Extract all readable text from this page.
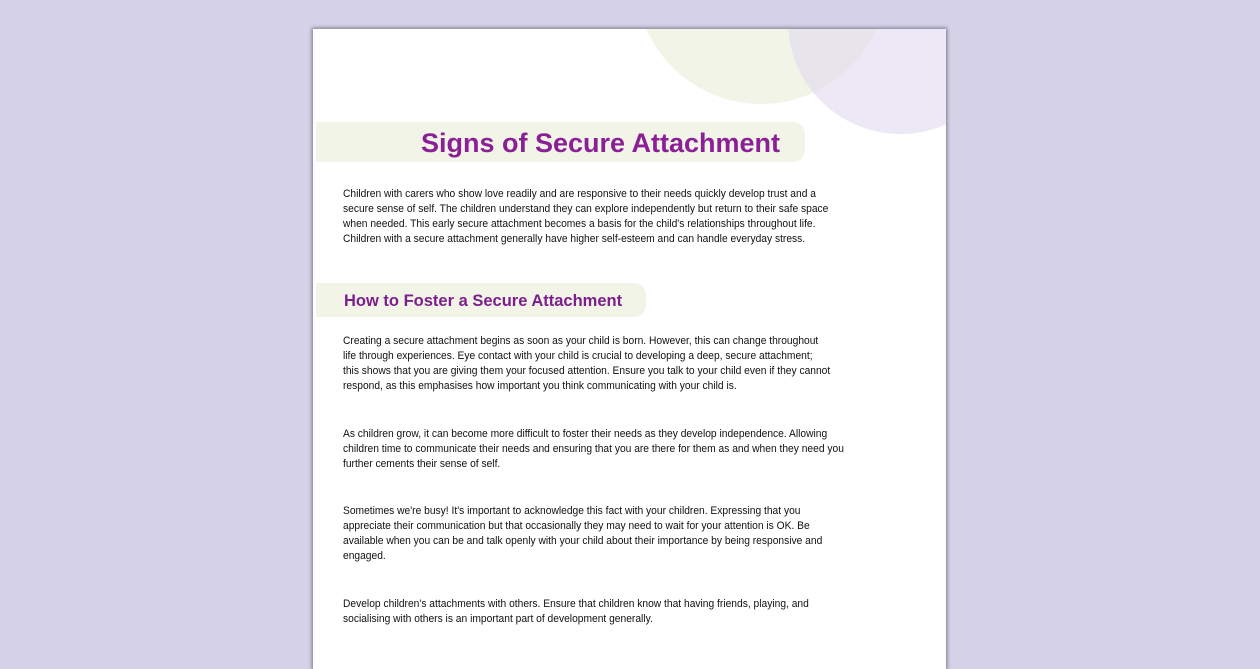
Signs of Secure Attachment
Children with carers who show love readily and are responsive to their needs quickly develop trust and a
secure sense of self. The children understand they can explore independently but return to their safe space
when needed. This early secure attachment becomes a basis for the child's relationships throughout life.
Children with a secure attachment generally have higher self-esteem and can handle everyday stress.
How to Foster a Secure Attachment
Creating a secure attachment begins as soon as your child is born. However, this can change throughout
life through experiences. Eye contact with your child is crucial to developing a deep, secure attachment;
this shows that you are giving them your focused attention. Ensure you talk to your child even if they cannot
respond, as this emphasises how important you think communicating with your child is.
As children grow, it can become more difficult to foster their needs as they develop independence. Allowing
children time to communicate their needs and ensuring that you are there for them as and when they need you
further cements their sense of self.
Sometimes we're busy! It's important to acknowledge this fact with your children. Expressing that you
appreciate their communication but that occasionally they may need to wait for your attention is OK. Be
available when you can be and talk openly with your child about their importance by being responsive and
engaged.
Develop children's attachments with others. Ensure that children know that having friends, playing, and
socialising with others is an important part of development generally.
